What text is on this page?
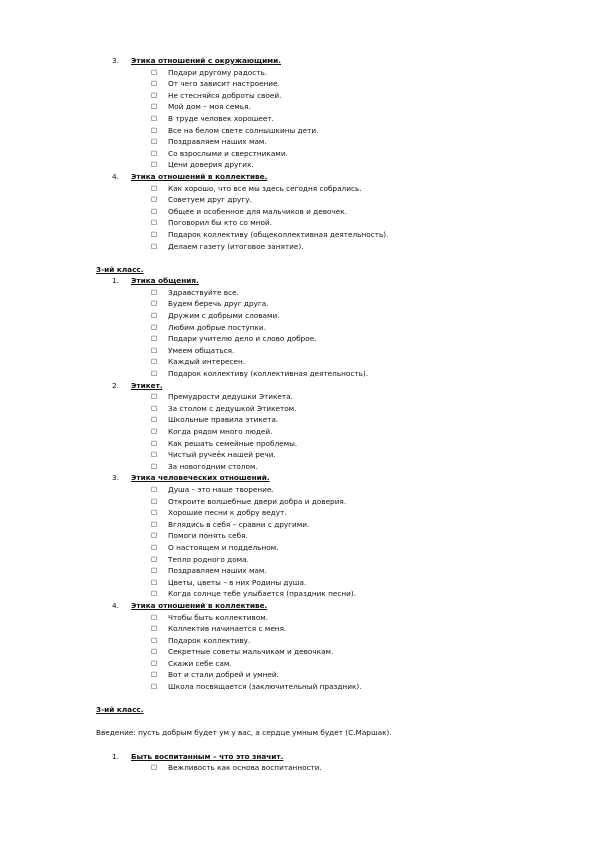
3. Этика отношений с окружающими.
□ Подари другому радость.
□ От чего зависит настроение.
□ Не стесняйся доброты своей.
□ Мой дом – моя семья.
□ В труде человек хорошеет.
□ Все на белом свете солнышкины дети.
□ Поздравляем наших мам.
□ Со взрослыми и сверстниками.
□ Цени доверия других.
4. Этика отношений в коллективе.
□ Как хорошо, что все мы здесь сегодня собрались.
□ Советуем друг другу.
□ Общее и особенное для мальчиков и девочек.
□ Поговорил бы кто со мной.
□ Подарок коллективу (общеколлективная деятельность).
□ Делаем газету (итоговое занятие).
3-ий класс.
1. Этика общения.
□ Здравствуйте все.
□ Будем беречь друг друга.
□ Дружим с добрыми словами.
□ Любим добрые поступки.
□ Подари учителю дело и слово доброе.
□ Умеем общаться.
□ Каждый интересен.
□ Подарок коллективу (коллективная деятельность).
2. Этикет.
□ Премудрости дедушки Этикета.
□ За столом с дедушкой Этикетом.
□ Школьные правила этикета.
□ Когда рядом много людей.
□ Как решать семейные проблемы.
□ Чистый ручеёк нашей речи.
□ За новогодним столом.
3. Этика человеческих отношений.
□ Душа – это наше творение.
□ Откроите волшебные двери добра и доверия.
□ Хорошие песни к добру ведут.
□ Вглядись в себя – сравни с другими.
□ Помоги понять себя.
□ О настоящем и поддельном.
□ Тепло родного дома.
□ Поздравляем наших мам.
□ Цветы, цветы – в них Родины душа.
□ Когда солнце тебе улыбается (праздник песни).
4. Этика отношений в коллективе.
□ Чтобы быть коллективом.
□ Коллектив начинается с меня.
□ Подарок коллективу.
□ Секретные советы мальчикам и девочкам.
□ Скажи себе сам.
□ Вот и стали добрей и умней.
□ Школа посвящается (заключительный праздник).
3-ий класс.
Введение: пусть добрым будет ум у вас, а сердце умным будет (С.Маршак).
1. Быть воспитанным – что это значит.
□ Вежливость как основа воспитанности.
